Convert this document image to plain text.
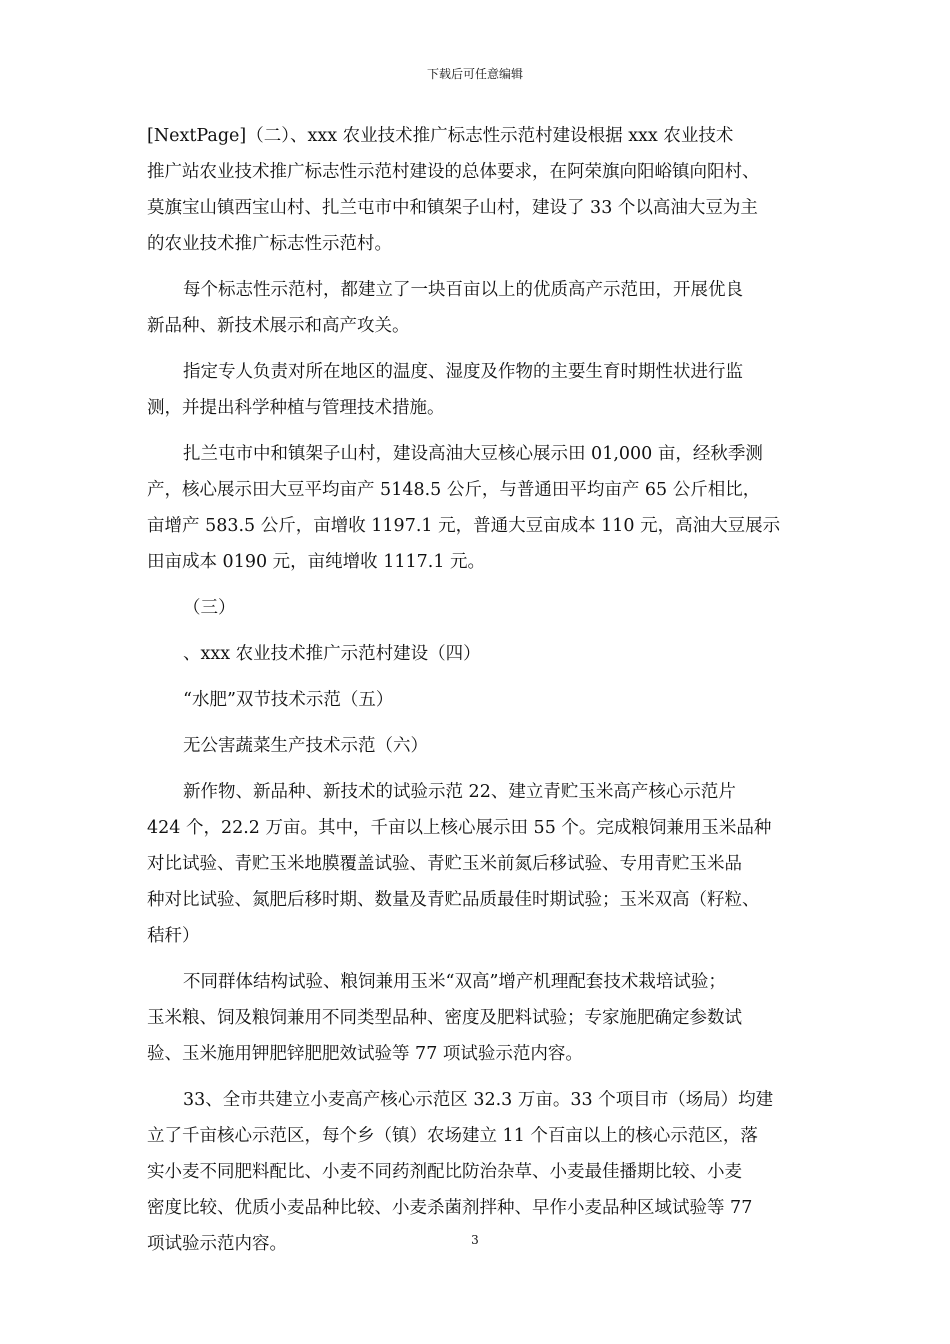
下载后可任意编辑

[NextPage]（二）、xxx 农业技术推广标志性示范村建设根据 xxx 农业技术
推广站农业技术推广标志性示范村建设的总体要求，在阿荣旗向阳峪镇向阳村、
莫旗宝山镇西宝山村、扎兰屯市中和镇架子山村，建设了 33 个以高油大豆为主
的农业技术推广标志性示范村。

每个标志性示范村，都建立了一块百亩以上的优质高产示范田，开展优良
新品种、新技术展示和高产攻关。

指定专人负责对所在地区的温度、湿度及作物的主要生育时期性状进行监
测，并提出科学种植与管理技术措施。

扎兰屯市中和镇架子山村，建设高油大豆核心展示田 01,000 亩，经秋季测
产，核心展示田大豆平均亩产 5148.5 公斤，与普通田平均亩产 65 公斤相比，
亩增产 583.5 公斤，亩增收 1197.1 元，普通大豆亩成本 110 元，高油大豆展示
田亩成本 0190 元，亩纯增收 1117.1 元。

（三）

、xxx 农业技术推广示范村建设（四）

“水肥”双节技术示范（五）

无公害蔬菜生产技术示范（六）

新作物、新品种、新技术的试验示范 22、建立青贮玉米高产核心示范片
424 个，22.2 万亩。其中，千亩以上核心展示田 55 个。完成粮饲兼用玉米品种
对比试验、青贮玉米地膜覆盖试验、青贮玉米前氮后移试验、专用青贮玉米品
种对比试验、氮肥后移时期、数量及青贮品质最佳时期试验；玉米双高（籽粒、
秸秆）

不同群体结构试验、粮饲兼用玉米“双高”增产机理配套技术栽培试验；
玉米粮、饲及粮饲兼用不同类型品种、密度及肥料试验；专家施肥确定参数试
验、玉米施用钾肥锌肥肥效试验等 77 项试验示范内容。

33、全市共建立小麦高产核心示范区 32.3 万亩。33 个项目市（场局）均建
立了千亩核心示范区，每个乡（镇）农场建立 11 个百亩以上的核心示范区，落
实小麦不同肥料配比、小麦不同药剂配比防治杂草、小麦最佳播期比较、小麦
密度比较、优质小麦品种比较、小麦杀菌剂拌种、早作小麦品种区域试验等 77
项试验示范内容。	3
